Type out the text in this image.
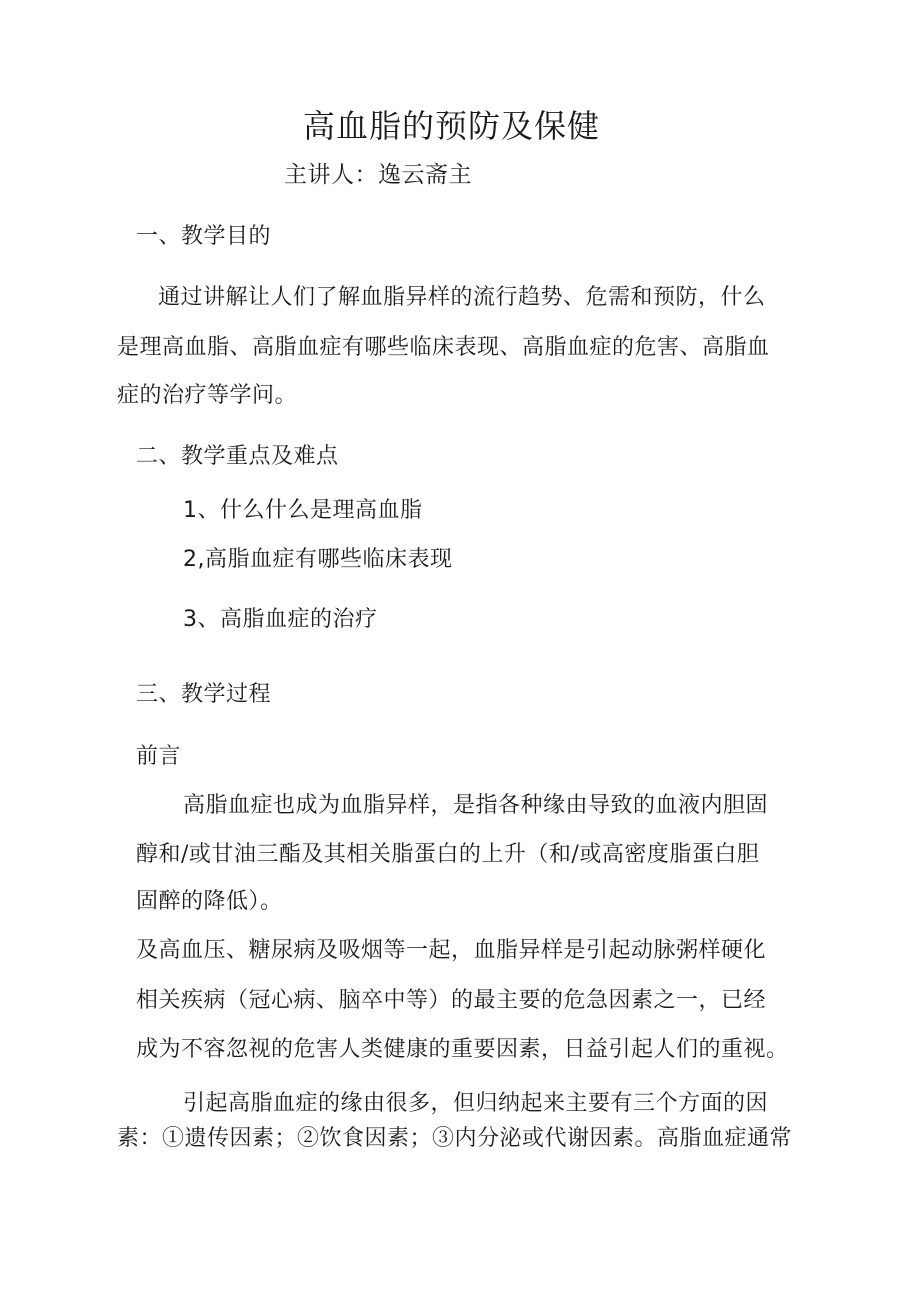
高血脂的预防及保健
主讲人：逸云斋主
一、教学目的
通过讲解让人们了解血脂异样的流行趋势、危需和预防，什么
是理高血脂、高脂血症有哪些临床表现、高脂血症的危害、高脂血
症的治疗等学问。
二、教学重点及难点
1、什么什么是理高血脂
2,高脂血症有哪些临床表现
3、高脂血症的治疗
三、教学过程
前言
高脂血症也成为血脂异样，是指各种缘由导致的血液内胆固
醇和/或甘油三酯及其相关脂蛋白的上升（和/或高密度脂蛋白胆
固醉的降低）。
及高血压、糖尿病及吸烟等一起，血脂异样是引起动脉粥样硬化
相关疾病（冠心病、脑卒中等）的最主要的危急因素之一，已经
成为不容忽视的危害人类健康的重要因素，日益引起人们的重视。
引起高脂血症的缘由很多，但归纳起来主要有三个方面的因
素：①遗传因素；②饮食因素；③内分泌或代谢因素。高脂血症通常
